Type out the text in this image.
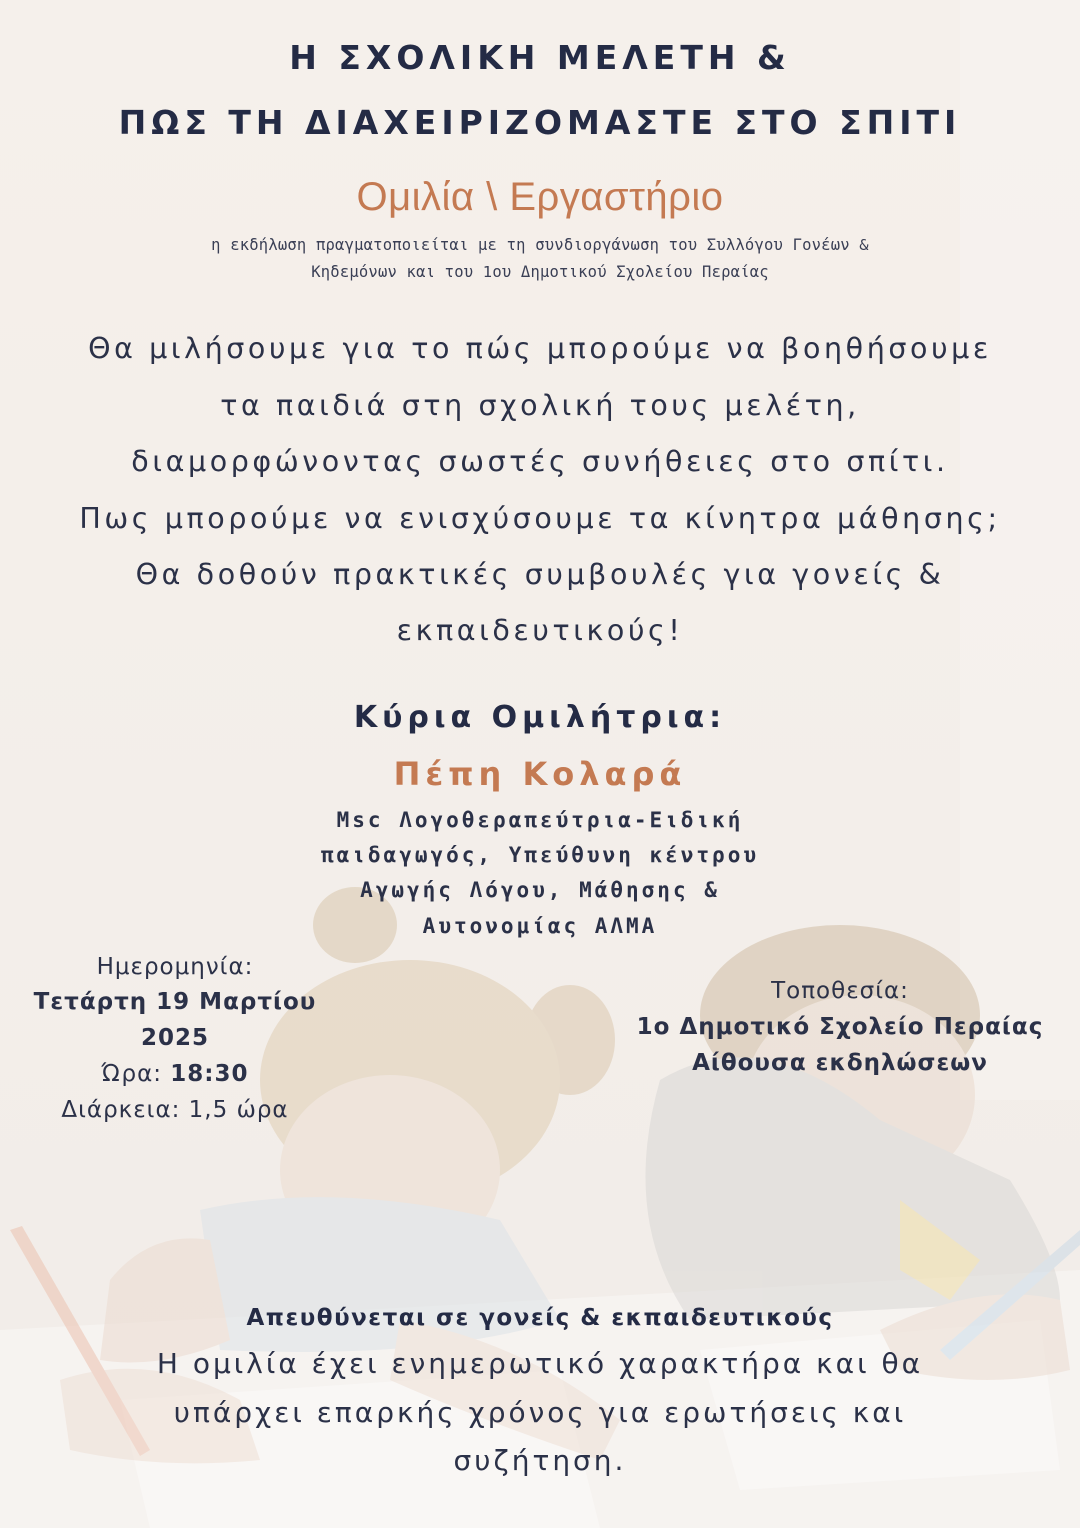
Η ΣΧΟΛΙΚΗ ΜΕΛΕΤΗ &
ΠΩΣ ΤΗ ΔΙΑΧΕΙΡΙΖΟΜΑΣΤΕ ΣΤΟ ΣΠΙΤΙ
Ομιλία \ Εργαστήριο
η εκδήλωση πραγματοποιείται με τη συνδιοργάνωση του Συλλόγου Γονέων &
Κηδεμόνων και του 1ου Δημοτικού Σχολείου Περαίας
Θα μιλήσουμε για το πώς μπορούμε να βοηθήσουμε
τα παιδιά στη σχολική τους μελέτη,
διαμορφώνοντας σωστές συνήθειες στο σπίτι.
Πως μπορούμε να ενισχύσουμε τα κίνητρα μάθησης;
Θα δοθούν πρακτικές συμβουλές για γονείς &
εκπαιδευτικούς!
Κύρια Ομιλήτρια:
Πέπη Κολαρά
Msc Λογοθεραπεύτρια-Ειδική
παιδαγωγός, Υπεύθυνη κέντρου
Αγωγής Λόγου, Μάθησης &
Αυτονομίας ΑΛΜΑ
Ημερομηνία:
Τετάρτη 19 Μαρτίου
2025
Ώρα: 18:30
Διάρκεια: 1,5 ώρα
Τοποθεσία:
1ο Δημοτικό Σχολείο Περαίας
Αίθουσα εκδηλώσεων
Απευθύνεται σε γονείς & εκπαιδευτικούς
Η ομιλία έχει ενημερωτικό χαρακτήρα και θα
υπάρχει επαρκής χρόνος για ερωτήσεις και
συζήτηση.
